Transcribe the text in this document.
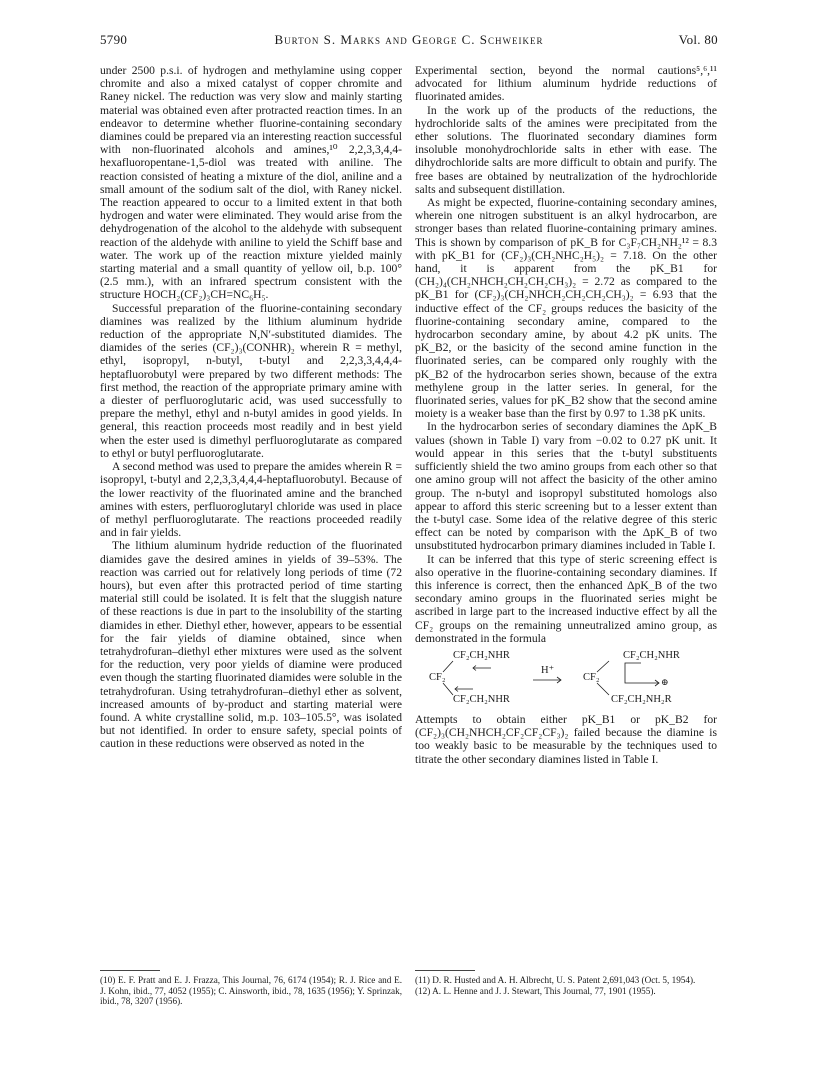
5790	Burton S. Marks and George C. Schweiker	Vol. 80

under 2500 p.s.i. of hydrogen and methylamine using copper chromite and also a mixed catalyst of copper chromite and Raney nickel. The reduction was very slow and mainly starting material was obtained even after protracted reaction times. In an endeavor to determine whether fluorine-containing secondary diamines could be prepared via an interesting reaction successful with non-fluorinated alcohols and amines,¹⁰ 2,2,3,3,4,4-hexafluoropentane-1,5-diol was treated with aniline. The reaction consisted of heating a mixture of the diol, aniline and a small amount of the sodium salt of the diol, with Raney nickel. The reaction appeared to occur to a limited extent in that both hydrogen and water were eliminated. They would arise from the dehydrogenation of the alcohol to the aldehyde with subsequent reaction of the aldehyde with aniline to yield the Schiff base and water. The work up of the reaction mixture yielded mainly starting material and a small quantity of yellow oil, b.p. 100° (2.5 mm.), with an infrared spectrum consistent with the structure HOCH₂(CF₂)₃CH=NC₆H₅.

Successful preparation of the fluorine-containing secondary diamines was realized by the lithium aluminum hydride reduction of the appropriate N,N′-substituted diamides. The diamides of the series (CF₂)₃(CONHR)₂ wherein R = methyl, ethyl, isopropyl, n-butyl, t-butyl and 2,2,3,3,4,4,4-heptafluorobutyl were prepared by two different methods: The first method, the reaction of the appropriate primary amine with a diester of perfluoroglutaric acid, was used successfully to prepare the methyl, ethyl and n-butyl amides in good yields. In general, this reaction proceeds most readily and in best yield when the ester used is dimethyl perfluoroglutarate as compared to ethyl or butyl perfluoroglutarate.

A second method was used to prepare the amides wherein R = isopropyl, t-butyl and 2,2,3,3,4,4,4-heptafluorobutyl. Because of the lower reactivity of the fluorinated amine and the branched amines with esters, perfluoroglutaryl chloride was used in place of methyl perfluoroglutarate. The reactions proceeded readily and in fair yields.

The lithium aluminum hydride reduction of the fluorinated diamides gave the desired amines in yields of 39–53%. The reaction was carried out for relatively long periods of time (72 hours), but even after this protracted period of time starting material still could be isolated. It is felt that the sluggish nature of these reactions is due in part to the insolubility of the starting diamides in ether. Diethyl ether, however, appears to be essential for the fair yields of diamine obtained, since when tetrahydrofuran–diethyl ether mixtures were used as the solvent for the reduction, very poor yields of diamine were produced even though the starting fluorinated diamides were soluble in the tetrahydrofuran. Using tetrahydrofuran–diethyl ether as solvent, increased amounts of by-product and starting material were found. A white crystalline solid, m.p. 103–105.5°, was isolated but not identified. In order to ensure safety, special points of caution in these reductions were observed as noted in the

Experimental section, beyond the normal cautions⁵,⁶,¹¹ advocated for lithium aluminum hydride reductions of fluorinated amides.

In the work up of the products of the reductions, the hydrochloride salts of the amines were precipitated from the ether solutions. The fluorinated secondary diamines form insoluble monohydrochloride salts in ether with ease. The dihydrochloride salts are more difficult to obtain and purify. The free bases are obtained by neutralization of the hydrochloride salts and subsequent distillation.

As might be expected, fluorine-containing secondary amines, wherein one nitrogen substituent is an alkyl hydrocarbon, are stronger bases than related fluorine-containing primary amines. This is shown by comparison of pK_B for C₃F₇CH₂NH₂¹² = 8.3 with pK_B1 for (CF₂)₃(CH₂NHC₂H₅)₂ = 7.18. On the other hand, it is apparent from the pK_B1 for (CH₂)₄(CH₂NHCH₂CH₂CH₂CH₃)₂ = 2.72 as compared to the pK_B1 for (CF₂)₃(CH₂NHCH₂CH₂CH₂CH₃)₂ = 6.93 that the inductive effect of the CF₂ groups reduces the basicity of the fluorine-containing secondary amine, compared to the hydrocarbon secondary amine, by about 4.2 pK units. The pK_B2, or the basicity of the second amine function in the fluorinated series, can be compared only roughly with the pK_B2 of the hydrocarbon series shown, because of the extra methylene group in the latter series. In general, for the fluorinated series, values for pK_B2 show that the second amine moiety is a weaker base than the first by 0.97 to 1.38 pK units.

In the hydrocarbon series of secondary diamines the ΔpK_B values (shown in Table I) vary from −0.02 to 0.27 pK unit. It would appear in this series that the t-butyl substituents sufficiently shield the two amino groups from each other so that one amino group will not affect the basicity of the other amino group. The n-butyl and isopropyl substituted homologs also appear to afford this steric screening but to a lesser extent than the t-butyl case. Some idea of the relative degree of this steric effect can be noted by comparison with the ΔpK_B of two unsubstituted hydrocarbon primary diamines included in Table I.

It can be inferred that this type of steric screening effect is also operative in the fluorine-containing secondary diamines. If this inference is correct, then the enhanced ΔpK_B of the two secondary amino groups in the fluorinated series might be ascribed in large part to the increased inductive effect by all the CF₂ groups on the remaining unneutralized amino group, as demonstrated in the formula

CF₂CH₂NHR
CF₂
CF₂CH₂NHR
H⁺
CF₂CH₂NHR
CF₂
CF₂CH₂NH₂R
⊕

Attempts to obtain either pK_B1 or pK_B2 for (CF₂)₃(CH₂NHCH₂CF₂CF₂CF₃)₂ failed because the diamine is too weakly basic to be measurable by the techniques used to titrate the other secondary diamines listed in Table I.

(10) E. F. Pratt and E. J. Frazza, This Journal, 76, 6174 (1954); R. J. Rice and E. J. Kohn, ibid., 77, 4052 (1955); C. Ainsworth, ibid., 78, 1635 (1956); Y. Sprinzak, ibid., 78, 3207 (1956).

(11) D. R. Husted and A. H. Albrecht, U. S. Patent 2,691,043 (Oct. 5, 1954).

(12) A. L. Henne and J. J. Stewart, This Journal, 77, 1901 (1955).
